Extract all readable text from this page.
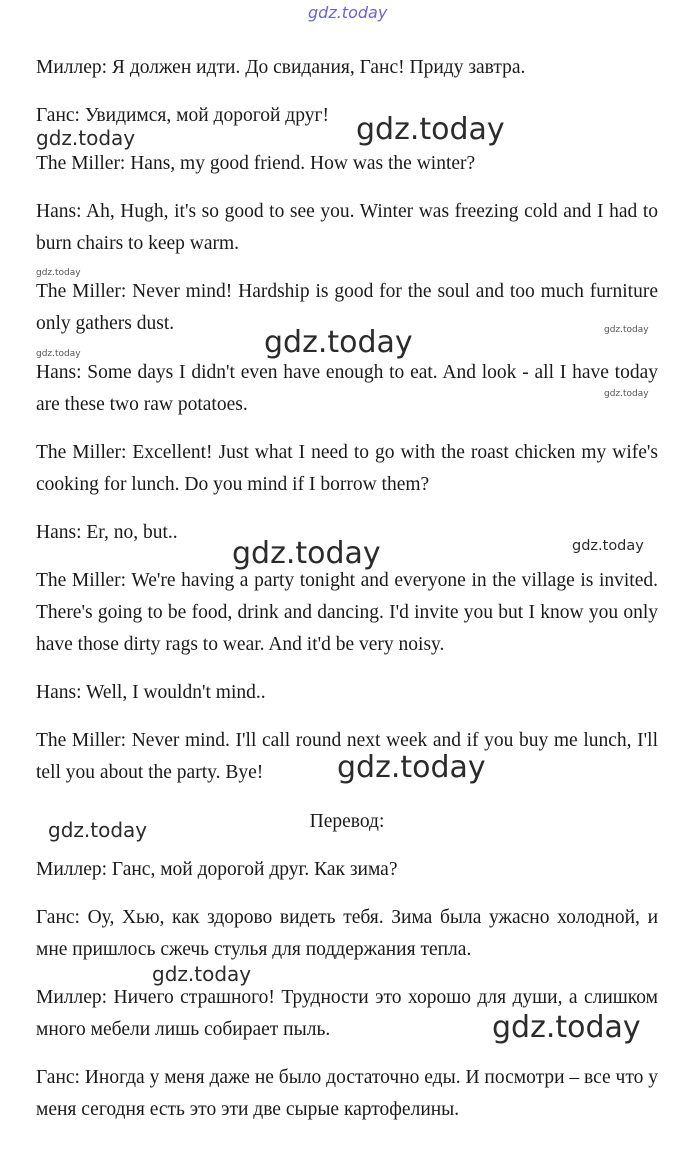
gdz.today
gdz.today	gdz.today
gdz.today
gdz.today
gdz.today
gdz.today
gdz.today
gdz.today	gdz.today
gdz.today
gdz.today
gdz.today
gdz.today

Миллер: Я должен идти. До свидания, Ганс! Приду завтра.

Ганс: Увидимся, мой дорогой друг!

The Miller: Hans, my good friend. How was the winter?

Hans: Ah, Hugh, it's so good to see you. Winter was freezing cold and I had to burn chairs to keep warm.

The Miller: Never mind! Hardship is good for the soul and too much furniture only gathers dust.

Hans: Some days I didn't even have enough to eat. And look - all I have today are these two raw potatoes.

The Miller: Excellent! Just what I need to go with the roast chicken my wife's cooking for lunch. Do you mind if I borrow them?

Hans: Er, no, but..

The Miller: We're having a party tonight and everyone in the village is invited. There's going to be food, drink and dancing. I'd invite you but I know you only have those dirty rags to wear. And it'd be very noisy.

Hans: Well, I wouldn't mind..

The Miller: Never mind. I'll call round next week and if you buy me lunch, I'll tell you about the party. Bye!

Перевод:

Миллер: Ганс, мой дорогой друг. Как зима?

Ганс: Оу, Хью, как здорово видеть тебя. Зима была ужасно холодной, и мне пришлось сжечь стулья для поддержания тепла.

Миллер: Ничего страшного! Трудности это хорошо для души, а слишком много мебели лишь собирает пыль.

Ганс: Иногда у меня даже не было достаточно еды. И посмотри – все что у меня сегодня есть это эти две сырые картофелины.
